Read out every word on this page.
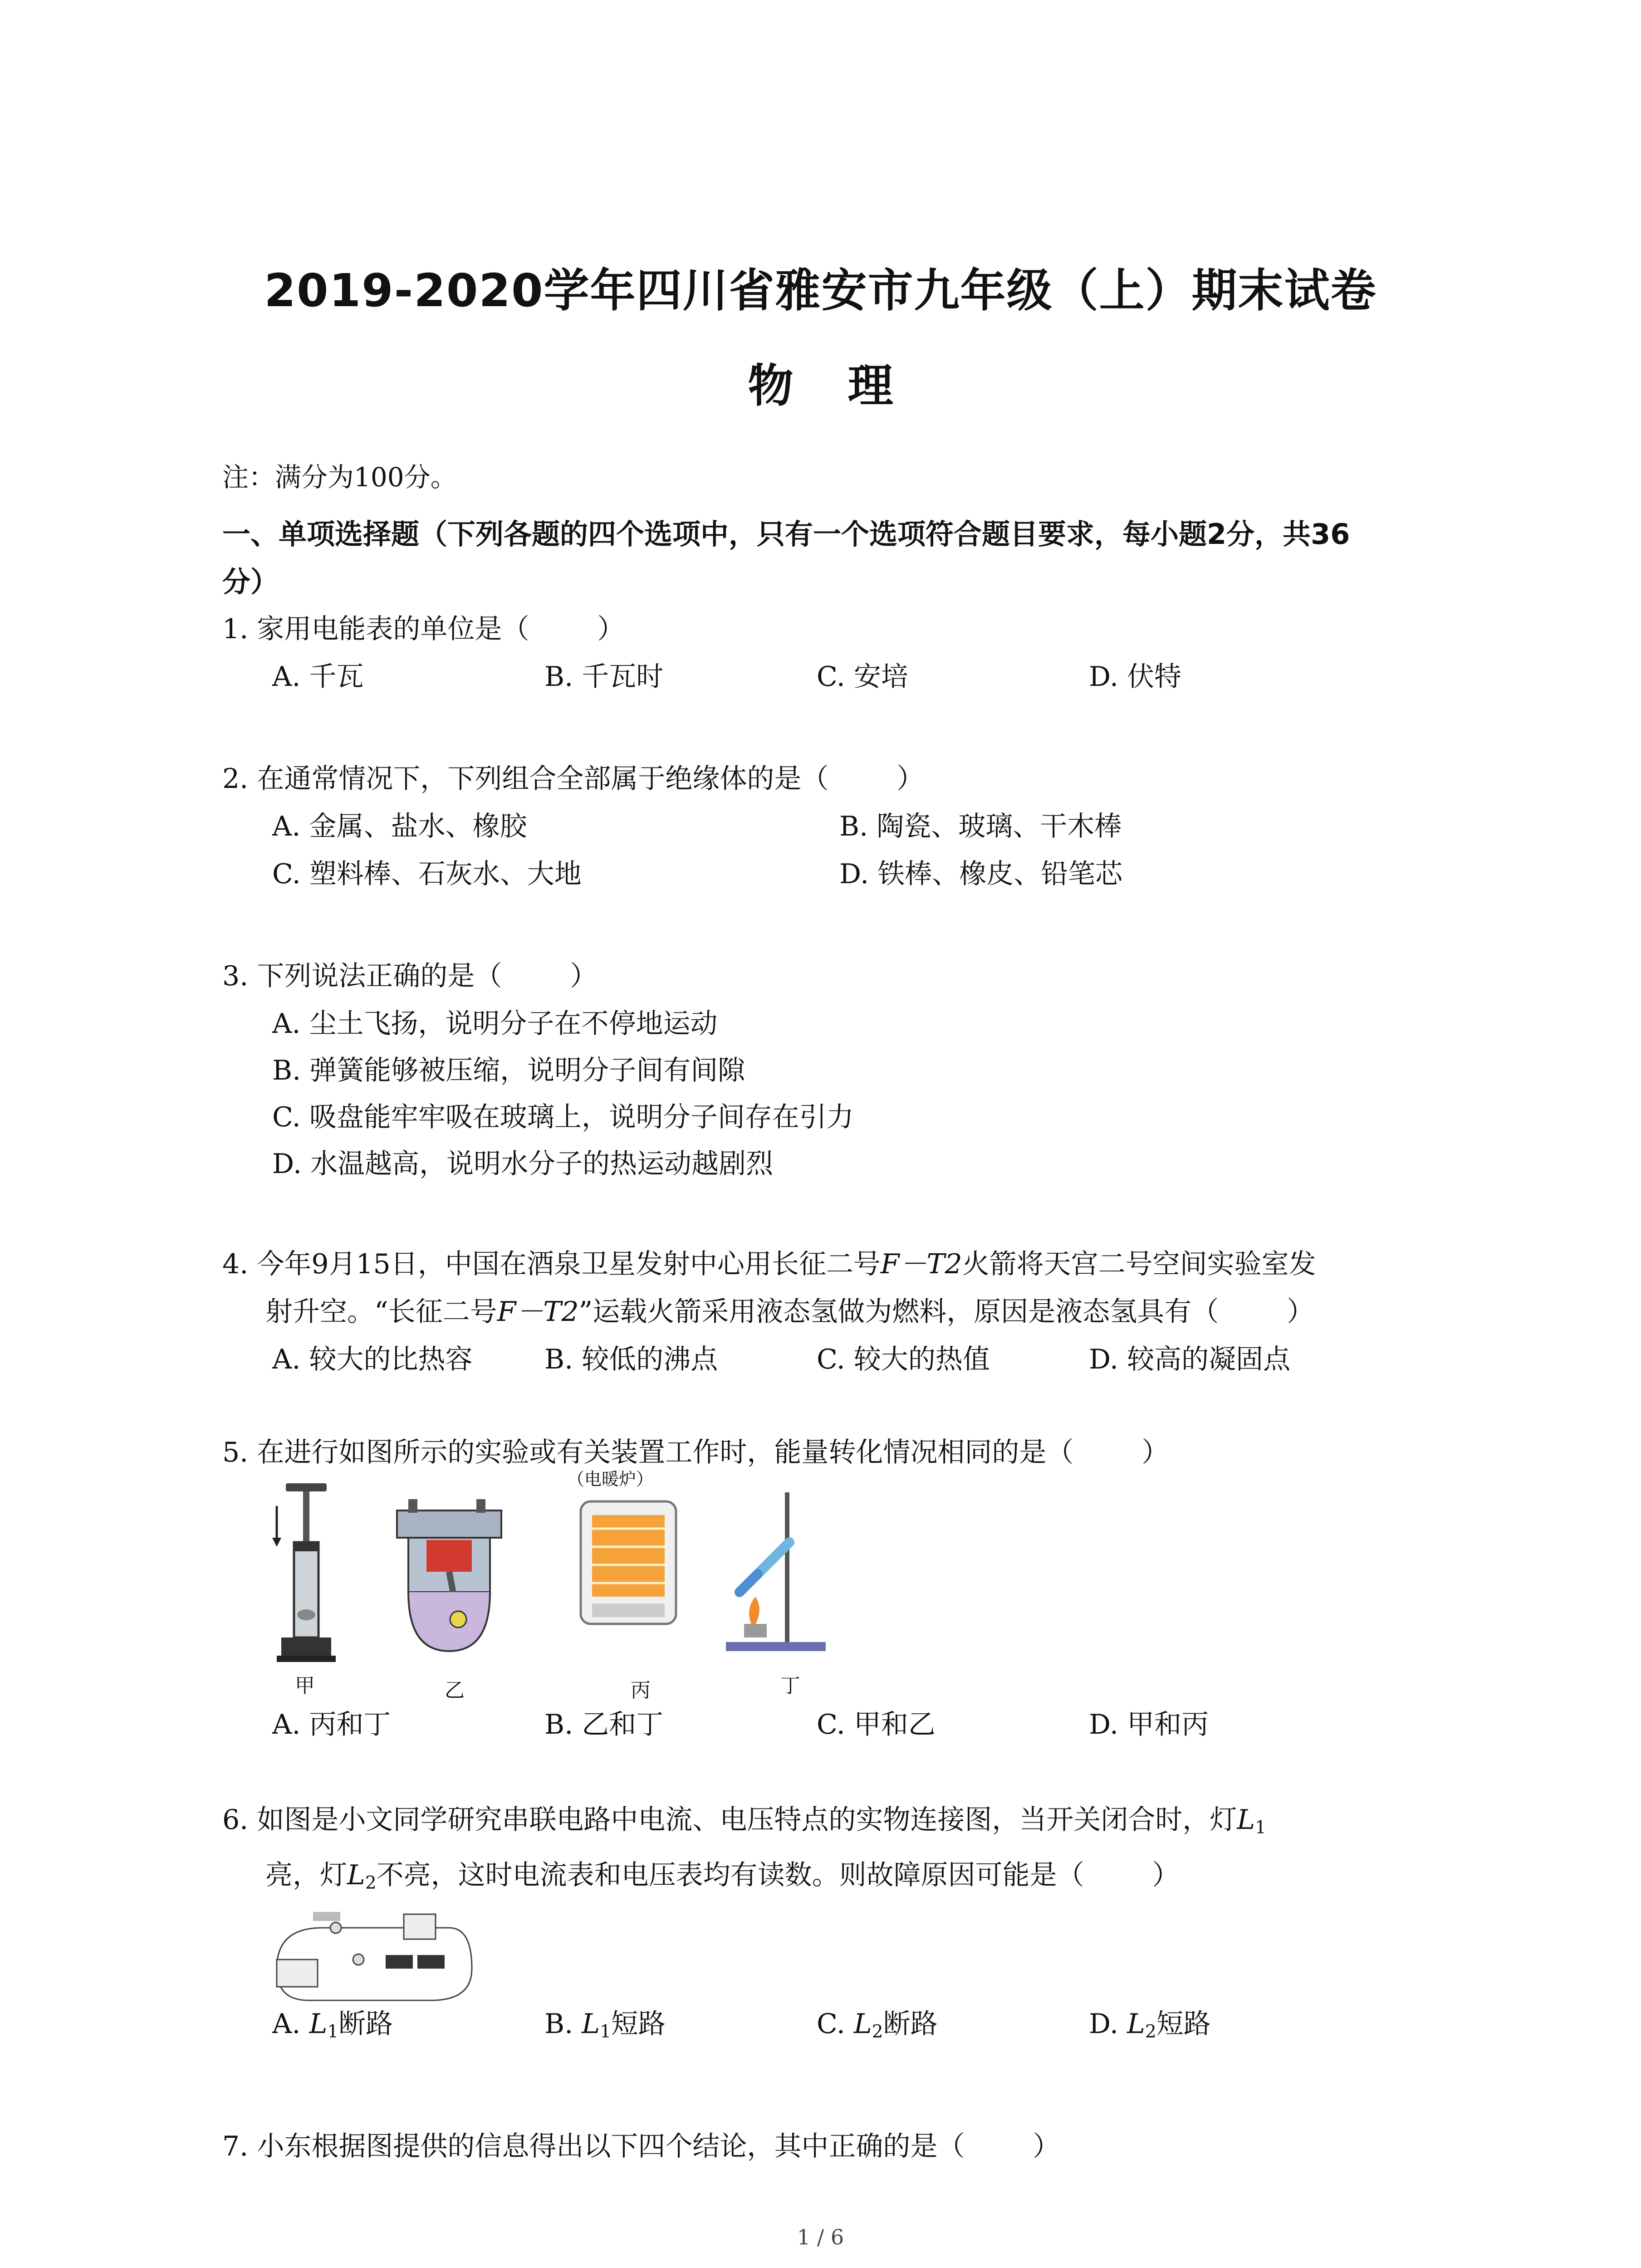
2019-2020学年四川省雅安市九年级（上）期末试卷
物理
注：满分为100分。
一、单项选择题（下列各题的四个选项中，只有一个选项符合题目要求，每小题2分，共36
分）
1. 家用电能表的单位是（	）
A. 千瓦	B. 千瓦时	C. 安培	D. 伏特
2. 在通常情况下，下列组合全部属于绝缘体的是（	）
A. 金属、盐水、橡胶	B. 陶瓷、玻璃、干木棒
C. 塑料棒、石灰水、大地	D. 铁棒、橡皮、铅笔芯
3. 下列说法正确的是（	）
A. 尘土飞扬，说明分子在不停地运动
B. 弹簧能够被压缩，说明分子间有间隙
C. 吸盘能牢牢吸在玻璃上，说明分子间存在引力
D. 水温越高，说明水分子的热运动越剧烈
4. 今年9月15日，中国在酒泉卫星发射中心用长征二号F－T2火箭将天宫二号空间实验室发
射升空。“长征二号F－T2”运载火箭采用液态氢做为燃料，原因是液态氢具有（	）
A. 较大的比热容	B. 较低的沸点	C. 较大的热值	D. 较高的凝固点
5. 在进行如图所示的实验或有关装置工作时，能量转化情况相同的是（	）
甲	乙
（电暖炉）
丙	丁
A. 丙和丁	B. 乙和丁	C. 甲和乙	D. 甲和丙
6. 如图是小文同学研究串联电路中电流、电压特点的实物连接图，当开关闭合时，灯$L_1$
亮，灯$L_2$不亮，这时电流表和电压表均有读数。则故障原因可能是（	）
A. $L_1$断路	B. $L_1$短路	C. $L_2$断路	D. $L_2$短路
7. 小东根据图提供的信息得出以下四个结论，其中正确的是（	）
1 / 6
